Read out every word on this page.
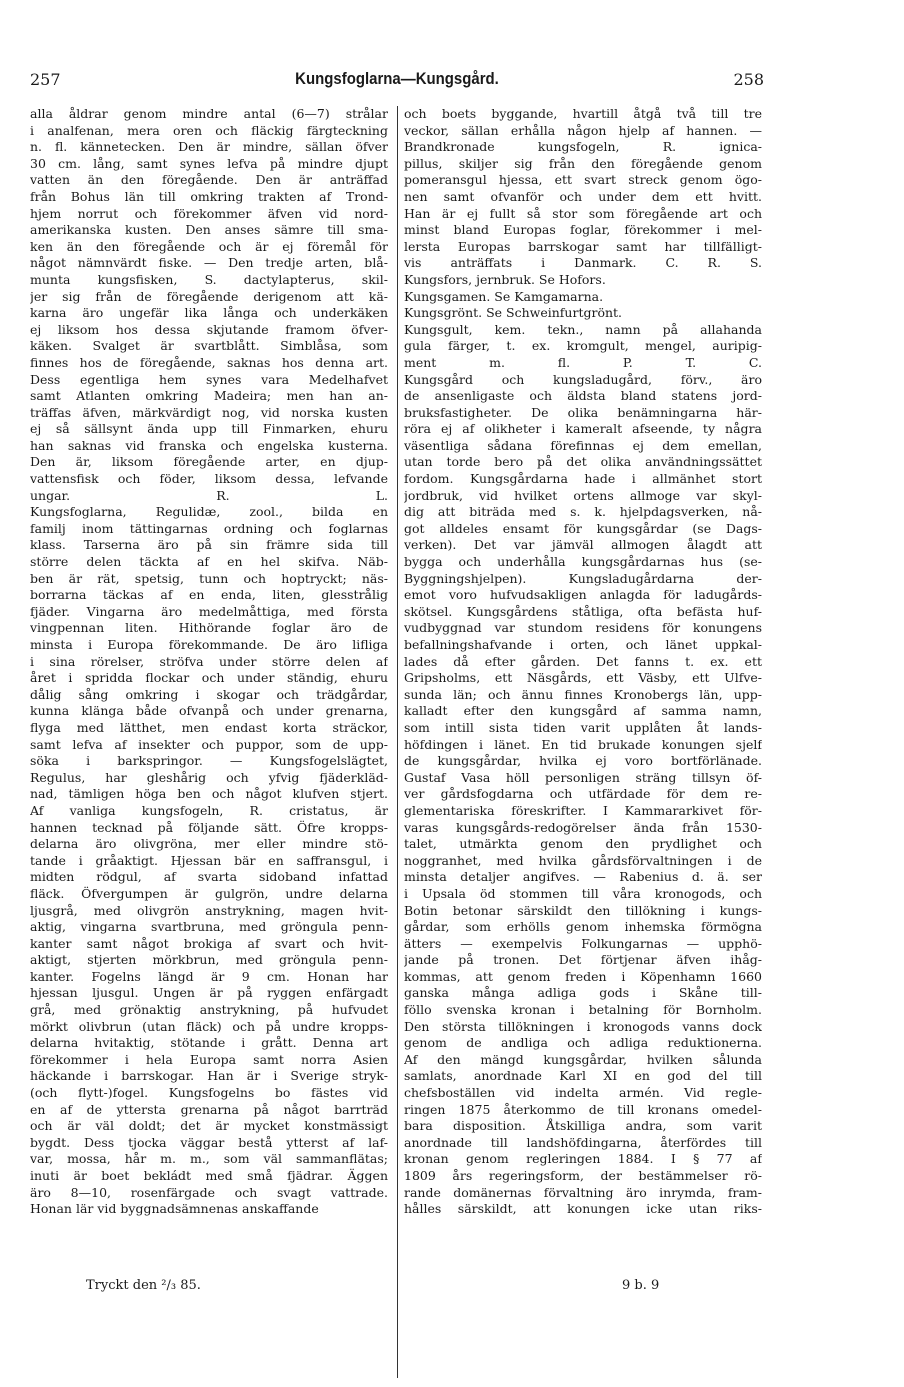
257	Kungsfoglarna—Kungsgård.	258
alla åldrar genom mindre antal (6—7) strålar
i analfenan, mera oren och fläckig färgteckning
n. fl. kännetecken. Den är mindre, sällan öfver
30 cm. lång, samt synes lefva på mindre djupt
vatten än den föregående. Den är anträffad
från Bohus län till omkring trakten af Trond-
hjem norrut och förekommer äfven vid nord-
amerikanska kusten. Den anses sämre till sma-
ken än den föregående och är ej föremål för
något nämnvärdt fiske. — Den tredje arten, blå-
munta kungsfisken, S. dactylapterus, skil-
jer sig från de föregående derigenom att kä-
karna äro ungefär lika långa och underkäken
ej liksom hos dessa skjutande framom öfver-
käken. Svalget är svartblått. Simblåsa, som
finnes hos de föregående, saknas hos denna art.
Dess egentliga hem synes vara Medelhafvet
samt Atlanten omkring Madeira; men han an-
träffas äfven, märkvärdigt nog, vid norska kusten
ej så sällsynt ända upp till Finmarken, ehuru
han saknas vid franska och engelska kusterna.
Den är, liksom föregående arter, en djup-
vattensfisk och föder, liksom dessa, lefvande
ungar. R. L.
Kungsfoglarna, Regulidæ, zool., bilda en
familj inom tättingarnas ordning och foglarnas
klass. Tarserna äro på sin främre sida till
större delen täckta af en hel skifva. Näb-
ben är rät, spetsig, tunn och hoptryckt; näs-
borrarna täckas af en enda, liten, glesstrålig
fjäder. Vingarna äro medelmåttiga, med första
vingpennan liten. Hithörande foglar äro de
minsta i Europa förekommande. De äro lifliga
i sina rörelser, ströfva under större delen af
året i spridda flockar och under ständig, ehuru
dålig sång omkring i skogar och trädgårdar,
kunna klänga både ofvanpå och under grenarna,
flyga med lätthet, men endast korta sträckor,
samt lefva af insekter och puppor, som de upp-
söka i barkspringor. — Kungsfogelslägtet,
Regulus, har gleshårig och yfvig fjäderkläd-
nad, tämligen höga ben och något klufven stjert.
Af vanliga kungsfogeln, R. cristatus, är
hannen tecknad på följande sätt. Öfre kropps-
delarna äro olivgröna, mer eller mindre stö-
tande i gråaktigt. Hjessan bär en saffransgul, i
midten rödgul, af svarta sidoband infattad
fläck. Öfvergumpen är gulgrön, undre delarna
ljusgrå, med olivgrön anstrykning, magen hvit-
aktig, vingarna svartbruna, med gröngula penn-
kanter samt något brokiga af svart och hvit-
aktigt, stjerten mörkbrun, med gröngula penn-
kanter. Fogelns längd är 9 cm. Honan har
hjessan ljusgul. Ungen är på ryggen enfärgadt
grå, med grönaktig anstrykning, på hufvudet
mörkt olivbrun (utan fläck) och på undre kropps-
delarna hvitaktig, stötande i grått. Denna art
förekommer i hela Europa samt norra Asien
häckande i barrskogar. Han är i Sverige stryk-
(och flytt-)fogel. Kungsfogelns bo fästes vid
en af de yttersta grenarna på något barrträd
och är väl doldt; det är mycket konstmässigt
bygdt. Dess tjocka väggar bestå ytterst af laf-
var, mossa, hår m. m., som väl sammanflätas;
inuti är boet bekládt med små fjädrar. Äggen
äro 8—10, rosenfärgade och svagt vattrade.
Honan lär vid byggnadsämnenas anskaffande
och boets byggande, hvartill åtgå två till tre
veckor, sällan erhålla någon hjelp af hannen. —
Brandkronade kungsfogeln, R. ignica-
pillus, skiljer sig från den föregående genom
pomeransgul hjessa, ett svart streck genom ögo-
nen samt ofvanför och under dem ett hvitt.
Han är ej fullt så stor som föregående art och
minst bland Europas foglar, förekommer i mel-
lersta Europas barrskogar samt har tillfälligt-
vis anträffats i Danmark. C. R. S.
Kungsfors, jernbruk. Se Hofors.
Kungsgamen. Se Kamgamarna.
Kungsgrönt. Se Schweinfurtgrönt.
Kungsgult, kem. tekn., namn på allahanda
gula färger, t. ex. kromgult, mengel, auripig-
ment m. fl. P. T. C.
Kungsgård och kungsladugård, förv., äro
de ansenligaste och äldsta bland statens jord-
bruksfastigheter. De olika benämningarna här-
röra ej af olikheter i kameralt afseende, ty några
väsentliga sådana förefinnas ej dem emellan,
utan torde bero på det olika användningssättet
fordom. Kungsgårdarna hade i allmänhet stort
jordbruk, vid hvilket ortens allmoge var skyl-
dig att biträda med s. k. hjelpdagsverken, nå-
got alldeles ensamt för kungsgårdar (se Dags-
verken). Det var jämväl allmogen ålagdt att
bygga och underhålla kungsgårdarnas hus (se-
Byggningshjelpen). Kungsladugårdarna der-
emot voro hufvudsakligen anlagda för ladugårds-
skötsel. Kungsgårdens ståtliga, ofta befästa huf-
vudbyggnad var stundom residens för konungens
befallningshafvande i orten, och länet uppkal-
lades då efter gården. Det fanns t. ex. ett
Gripsholms, ett Näsgårds, ett Väsby, ett Ulfve-
sunda län; och ännu finnes Kronobergs län, upp-
kalladt efter den kungsgård af samma namn,
som intill sista tiden varit upplåten åt lands-
höfdingen i länet. En tid brukade konungen sjelf
de kungsgårdar, hvilka ej voro bortförlänade.
Gustaf Vasa höll personligen sträng tillsyn öf-
ver gårdsfogdarna och utfärdade för dem re-
glementariska föreskrifter. I Kammararkivet för-
varas kungsgårds-redogörelser ända från 1530-
talet, utmärkta genom den prydlighet och
noggranhet, med hvilka gårdsförvaltningen i de
minsta detaljer angifves. — Rabenius d. ä. ser
i Upsala öd stommen till våra kronogods, och
Botin betonar särskildt den tillökning i kungs-
gårdar, som erhölls genom inhemska förmögna
ätters — exempelvis Folkungarnas — upphö-
jande på tronen. Det förtjenar äfven ihåg-
kommas, att genom freden i Köpenhamn 1660
ganska många adliga gods i Skåne till-
föllo svenska kronan i betalning för Bornholm.
Den största tillökningen i kronogods vanns dock
genom de andliga och adliga reduktionerna.
Af den mängd kungsgårdar, hvilken sålunda
samlats, anordnade Karl XI en god del till
chefsboställen vid indelta armén. Vid regle-
ringen 1875 återkommo de till kronans omedel-
bara disposition. Åtskilliga andra, som varit
anordnade till landshöfdingarna, återfördes till
kronan genom regleringen 1884. I § 77 af
1809 års regeringsform, der bestämmelser rö-
rande domänernas förvaltning äro inrymda, fram-
hålles särskildt, att konungen icke utan riks-
Tryckt den ²/₃ 85.	9 b. 9
